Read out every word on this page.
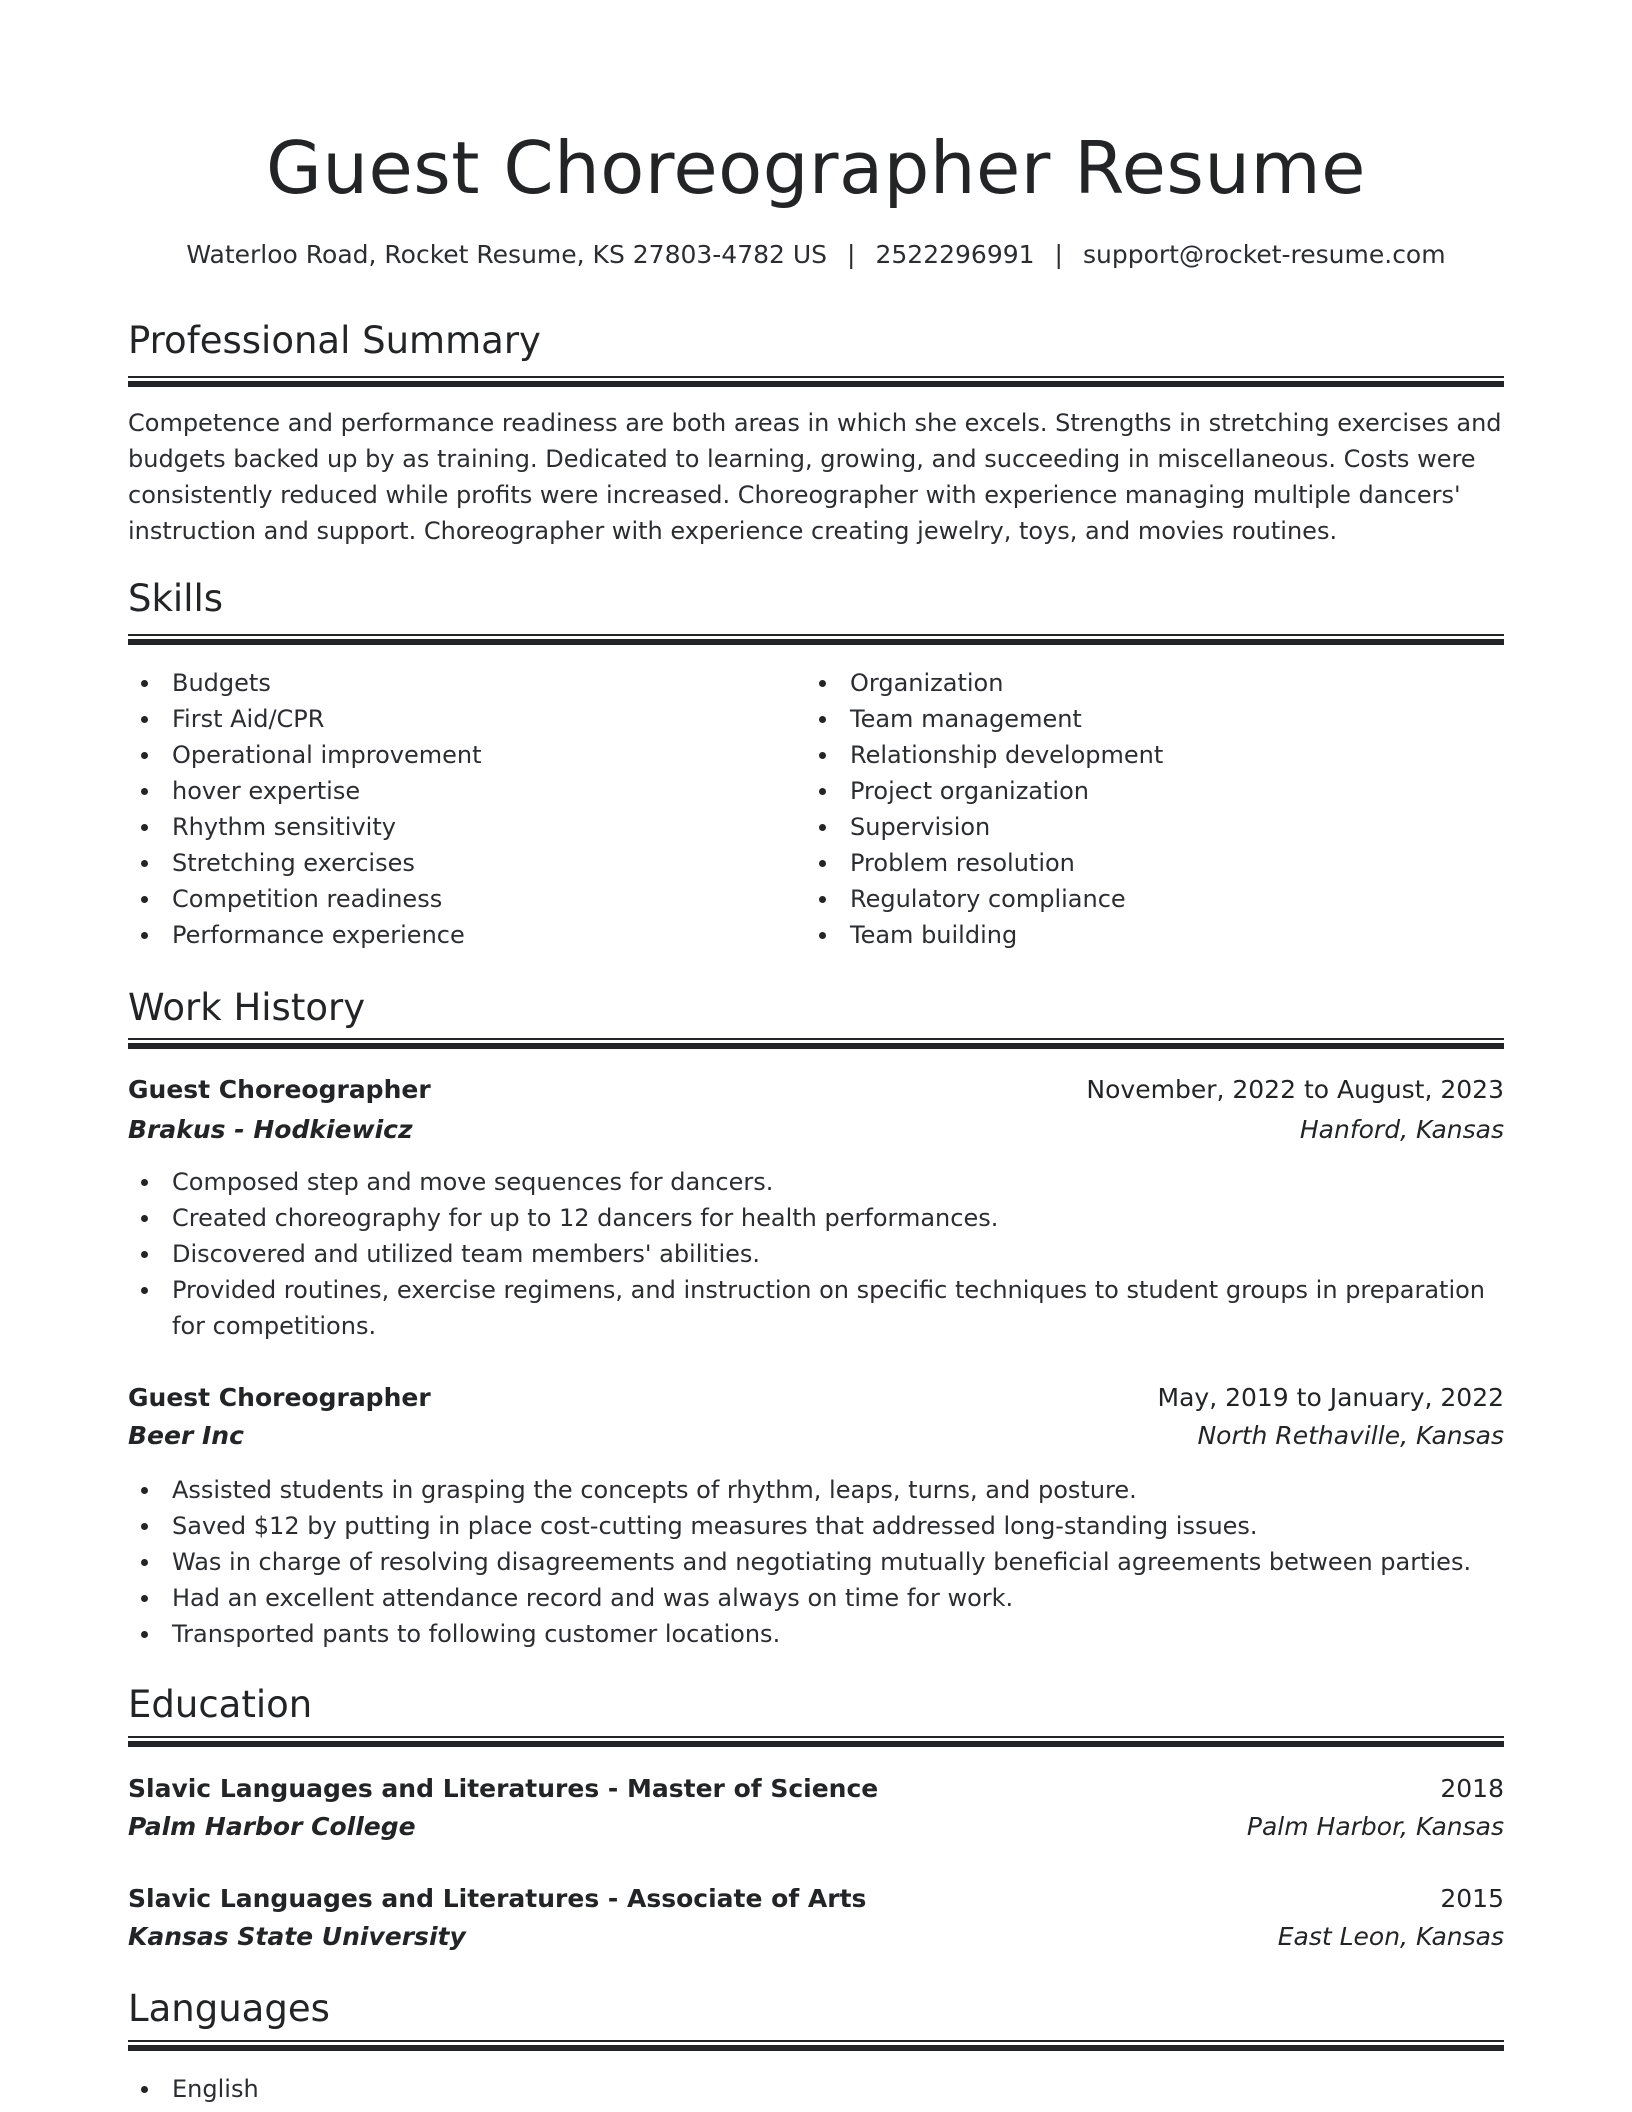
Guest Choreographer Resume
Waterloo Road, Rocket Resume, KS 27803-4782 US | 2522296991 | support@rocket-resume.com
Professional Summary

Competence and performance readiness are both areas in which she excels. Strengths in stretching exercises and budgets backed up by as training. Dedicated to learning, growing, and succeeding in miscellaneous. Costs were consistently reduced while profits were increased. Choreographer with experience managing multiple dancers' instruction and support. Choreographer with experience creating jewelry, toys, and movies routines.

Skills
Budgets
First Aid/CPR
Operational improvement
hover expertise
Rhythm sensitivity
Stretching exercises
Competition readiness
Performance experience
Organization
Team management
Relationship development
Project organization
Supervision
Problem resolution
Regulatory compliance
Team building
Work History
Guest Choreographer	November, 2022 to August, 2023
Brakus - Hodkiewicz	Hanford, Kansas
Composed step and move sequences for dancers.
Created choreography for up to 12 dancers for health performances.
Discovered and utilized team members' abilities.
Provided routines, exercise regimens, and instruction on specific techniques to student groups in preparation for competitions.
Guest Choreographer	May, 2019 to January, 2022
Beer Inc	North Rethaville, Kansas
Assisted students in grasping the concepts of rhythm, leaps, turns, and posture.
Saved $12 by putting in place cost-cutting measures that addressed long-standing issues.
Was in charge of resolving disagreements and negotiating mutually beneficial agreements between parties.
Had an excellent attendance record and was always on time for work.
Transported pants to following customer locations.
Education
Slavic Languages and Literatures - Master of Science	2018
Palm Harbor College	Palm Harbor, Kansas
Slavic Languages and Literatures - Associate of Arts	2015
Kansas State University	East Leon, Kansas
Languages
English
